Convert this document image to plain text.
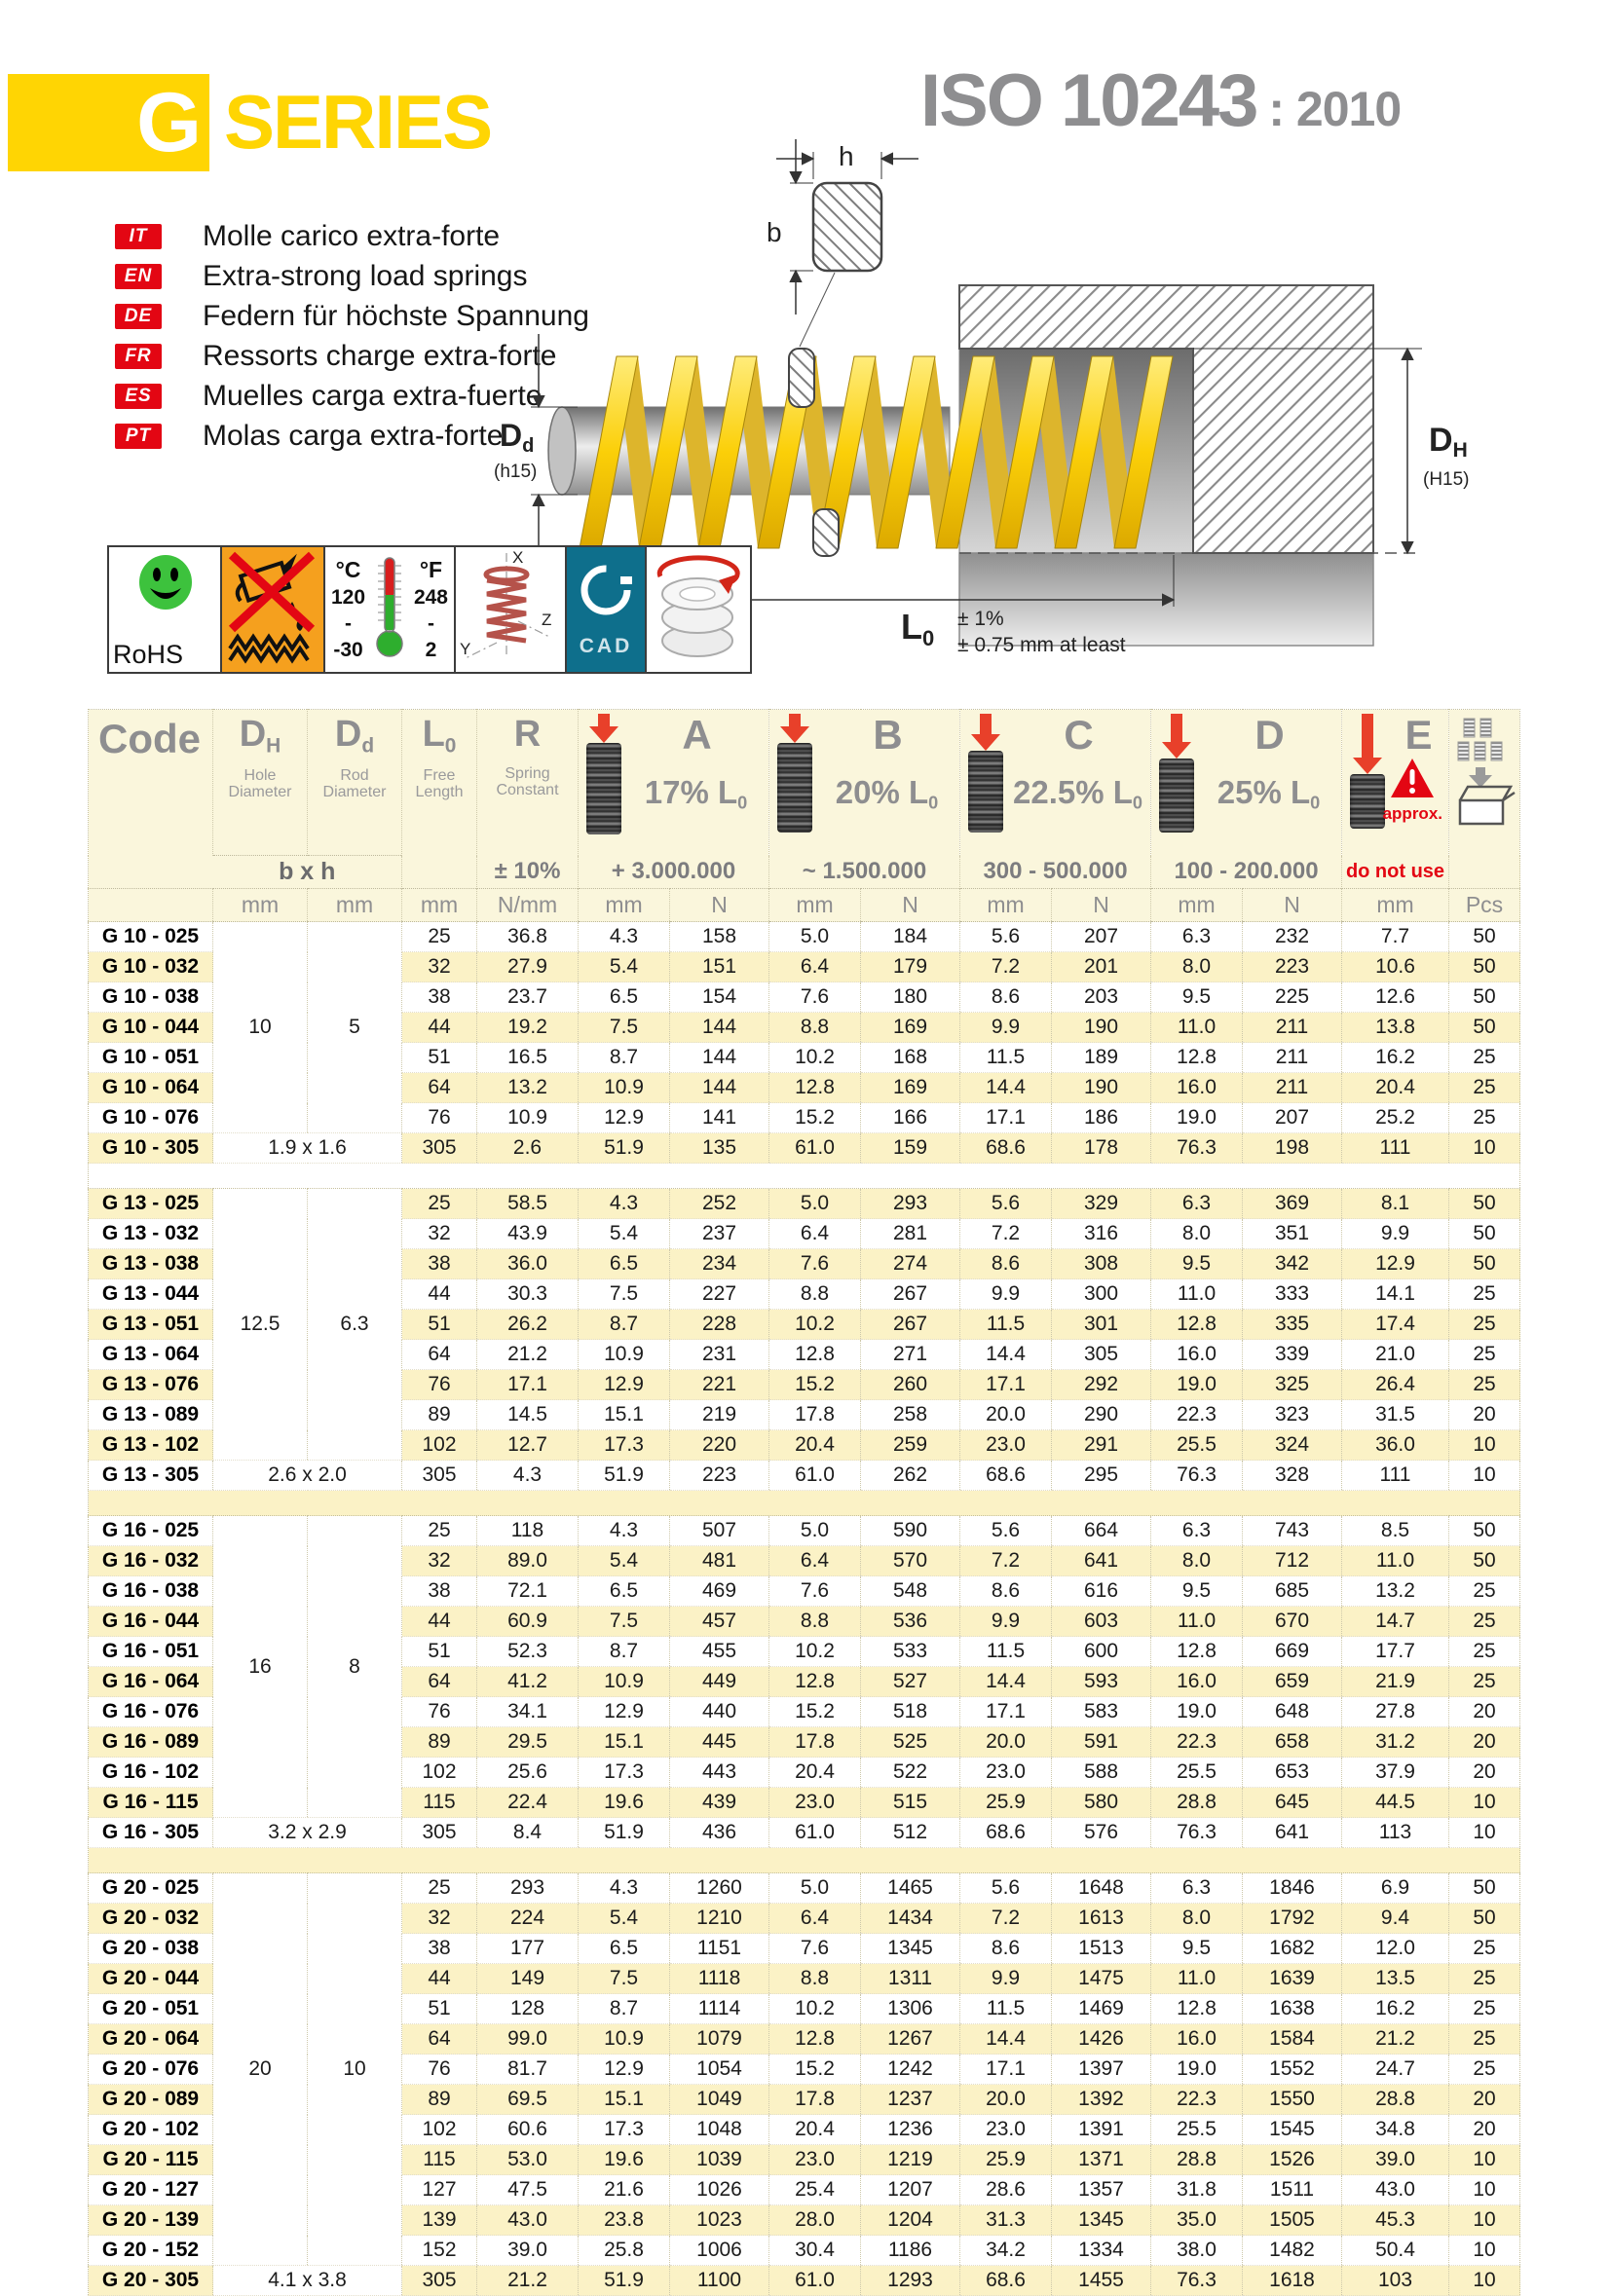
G SERIES	ISO 10243 : 2010
IT	Molle carico extra-forte
EN	Extra-strong load springs
DE	Federn für höchste Spannung
FR	Ressorts charge extra-forte
ES	Muelles carga extra-fuerte
PT	Molas carga extra-forte
h
b
Dd
(h15)
DH
(H15)
L0
± 1%
± 0.75 mm at least
RoHS
°C
120
-
-30
°F
248
-
2
X
Y
Z
CAD
Code	$D_H$
Hole Diameter

$D_d$
Rod Diameter

$L_0$
Free Length

R
Spring Constant

A
17% $L_0$

B
20% $L_0$

C
22.5% $L_0$

D
25% $L_0$

E
approx.

	b x h			± 10%	+ 3.000.000		~ 1.500.000		300 - 500.000		100 - 200.000		do not use	
	mm	mm	mm	N/mm	mm	N	mm	N	mm	N	mm	N	mm	Pcs
G 10 - 025	10	5	25	36.8	4.3	158	5.0	184	5.6	207	6.3	232	7.7	50
G 10 - 032			32	27.9	5.4	151	6.4	179	7.2	201	8.0	223	10.6	50
G 10 - 038			38	23.7	6.5	154	7.6	180	8.6	203	9.5	225	12.6	50
G 10 - 044			44	19.2	7.5	144	8.8	169	9.9	190	11.0	211	13.8	50
G 10 - 051			51	16.5	8.7	144	10.2	168	11.5	189	12.8	211	16.2	25
G 10 - 064			64	13.2	10.9	144	12.8	169	14.4	190	16.0	211	20.4	25
G 10 - 076			76	10.9	12.9	141	15.2	166	17.1	186	19.0	207	25.2	25
G 10 - 305	1.9 x 1.6		305	2.6	51.9	135	61.0	159	68.6	178	76.3	198	111	10

G 13 - 025	12.5	6.3	25	58.5	4.3	252	5.0	293	5.6	329	6.3	369	8.1	50
G 13 - 032			32	43.9	5.4	237	6.4	281	7.2	316	8.0	351	9.9	50
G 13 - 038			38	36.0	6.5	234	7.6	274	8.6	308	9.5	342	12.9	50
G 13 - 044			44	30.3	7.5	227	8.8	267	9.9	300	11.0	333	14.1	25
G 13 - 051			51	26.2	8.7	228	10.2	267	11.5	301	12.8	335	17.4	25
G 13 - 064			64	21.2	10.9	231	12.8	271	14.4	305	16.0	339	21.0	25
G 13 - 076			76	17.1	12.9	221	15.2	260	17.1	292	19.0	325	26.4	25
G 13 - 089			89	14.5	15.1	219	17.8	258	20.0	290	22.3	323	31.5	20
G 13 - 102			102	12.7	17.3	220	20.4	259	23.0	291	25.5	324	36.0	10
G 13 - 305	2.6 x 2.0		305	4.3	51.9	223	61.0	262	68.6	295	76.3	328	111	10

G 16 - 025	16	8	25	118	4.3	507	5.0	590	5.6	664	6.3	743	8.5	50
G 16 - 032			32	89.0	5.4	481	6.4	570	7.2	641	8.0	712	11.0	50
G 16 - 038			38	72.1	6.5	469	7.6	548	8.6	616	9.5	685	13.2	25
G 16 - 044			44	60.9	7.5	457	8.8	536	9.9	603	11.0	670	14.7	25
G 16 - 051			51	52.3	8.7	455	10.2	533	11.5	600	12.8	669	17.7	25
G 16 - 064			64	41.2	10.9	449	12.8	527	14.4	593	16.0	659	21.9	25
G 16 - 076			76	34.1	12.9	440	15.2	518	17.1	583	19.0	648	27.8	20
G 16 - 089			89	29.5	15.1	445	17.8	525	20.0	591	22.3	658	31.2	20
G 16 - 102			102	25.6	17.3	443	20.4	522	23.0	588	25.5	653	37.9	20
G 16 - 115			115	22.4	19.6	439	23.0	515	25.9	580	28.8	645	44.5	10
G 16 - 305	3.2 x 2.9		305	8.4	51.9	436	61.0	512	68.6	576	76.3	641	113	10

G 20 - 025	20	10	25	293	4.3	1260	5.0	1465	5.6	1648	6.3	1846	6.9	50
G 20 - 032			32	224	5.4	1210	6.4	1434	7.2	1613	8.0	1792	9.4	50
G 20 - 038			38	177	6.5	1151	7.6	1345	8.6	1513	9.5	1682	12.0	25
G 20 - 044			44	149	7.5	1118	8.8	1311	9.9	1475	11.0	1639	13.5	25
G 20 - 051			51	128	8.7	1114	10.2	1306	11.5	1469	12.8	1638	16.2	25
G 20 - 064			64	99.0	10.9	1079	12.8	1267	14.4	1426	16.0	1584	21.2	25
G 20 - 076			76	81.7	12.9	1054	15.2	1242	17.1	1397	19.0	1552	24.7	25
G 20 - 089			89	69.5	15.1	1049	17.8	1237	20.0	1392	22.3	1550	28.8	20
G 20 - 102			102	60.6	17.3	1048	20.4	1236	23.0	1391	25.5	1545	34.8	20
G 20 - 115			115	53.0	19.6	1039	23.0	1219	25.9	1371	28.8	1526	39.0	10
G 20 - 127			127	47.5	21.6	1026	25.4	1207	28.6	1357	31.8	1511	43.0	10
G 20 - 139			139	43.0	23.8	1023	28.0	1204	31.3	1345	35.0	1505	45.3	10
G 20 - 152			152	39.0	25.8	1006	30.4	1186	34.2	1334	38.0	1482	50.4	10
G 20 - 305	4.1 x 3.8		305	21.2	51.9	1100	61.0	1293	68.6	1455	76.3	1618	103	10
